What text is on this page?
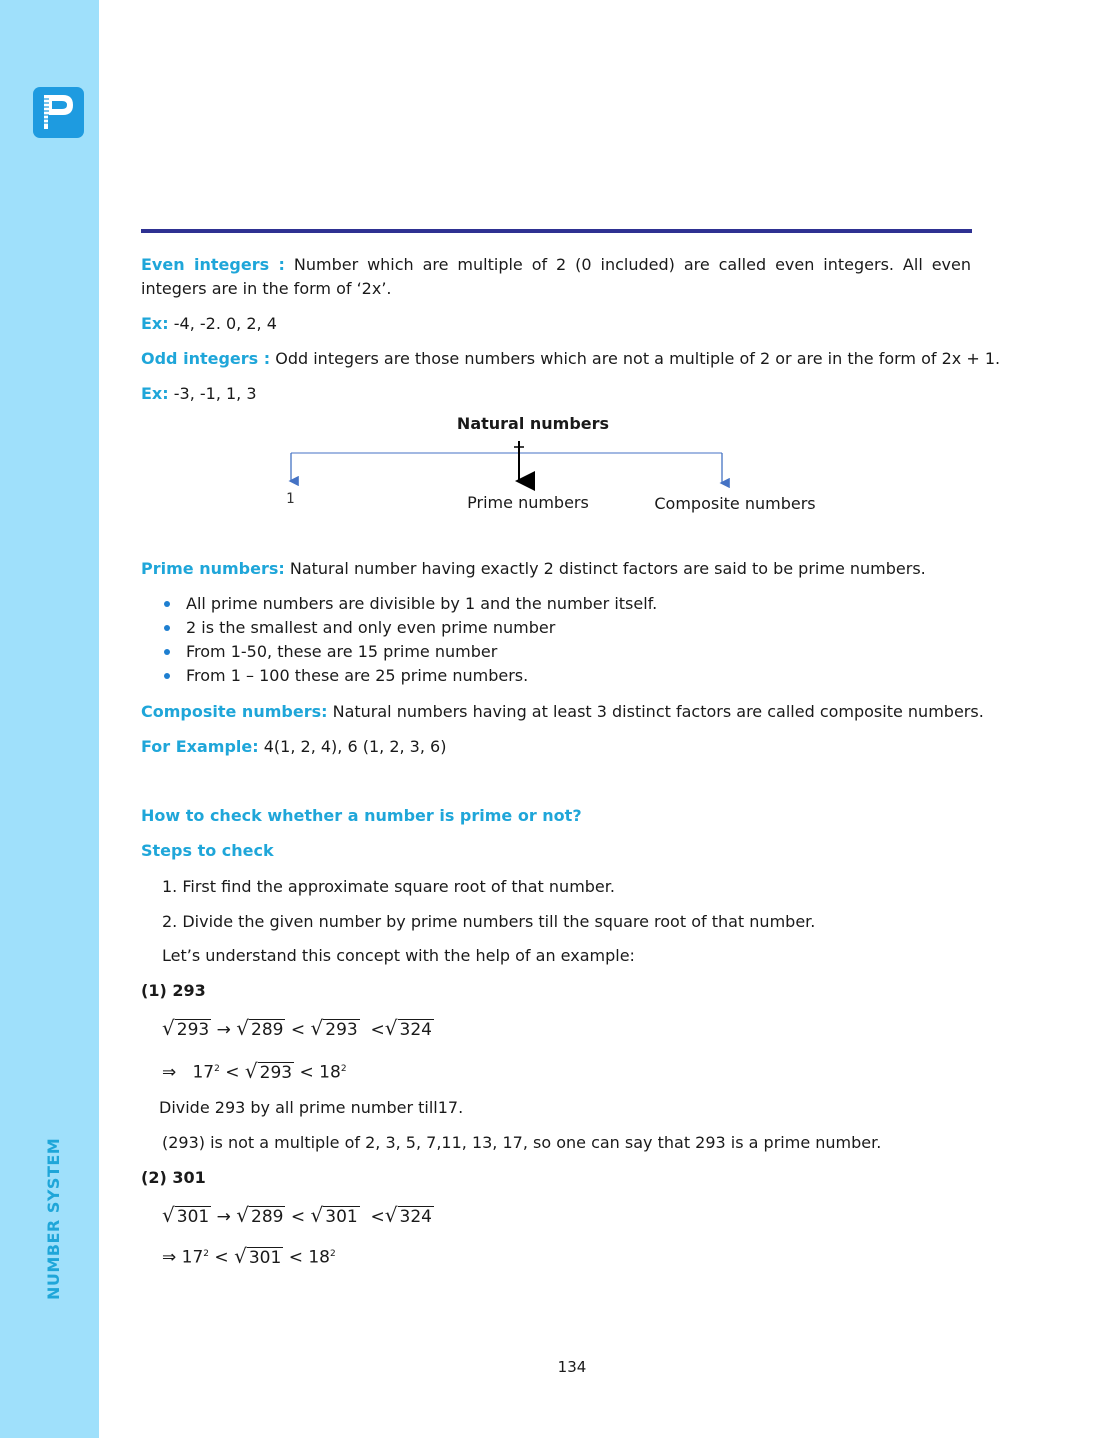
NUMBER SYSTEM
Even integers : Number which are multiple of 2 (0 included) are called even integers. All even integers are in the form of ‘2x’.
Ex: -4, -2. 0, 2, 4
Odd integers : Odd integers are those numbers which are not a multiple of 2 or are in the form of 2x + 1.
Ex: -3, -1, 1, 3
Natural numbers
1	Prime numbers	Composite numbers
Prime numbers: Natural number having exactly 2 distinct factors are said to be prime numbers.
All prime numbers are divisible by 1 and the number itself.
2 is the smallest and only even prime number
From 1-50, these are 15 prime number
From 1 – 100 these are 25 prime numbers.
Composite numbers: Natural numbers having at least 3 distinct factors are called composite numbers.
For Example: 4(1, 2, 4), 6 (1, 2, 3, 6)
How to check whether a number is prime or not?
Steps to check
1. First find the approximate square root of that number.
2. Divide the given number by prime numbers till the square root of that number.
Let’s understand this concept with the help of an example:
(1) 293
√ 293 → √ 289 < √ 293  <√ 324
⇒   $17^2$ < √ $293 < 18^2$
Divide 293 by all prime number till17.
(293) is not a multiple of 2, 3, 5, 7,11, 13, 17, so one can say that 293 is a prime number.
(2) 301
√ 301 → √ 289 < √ 301  <√ 324
⇒ $17^2$ < √ $301 < 18^2$
134
